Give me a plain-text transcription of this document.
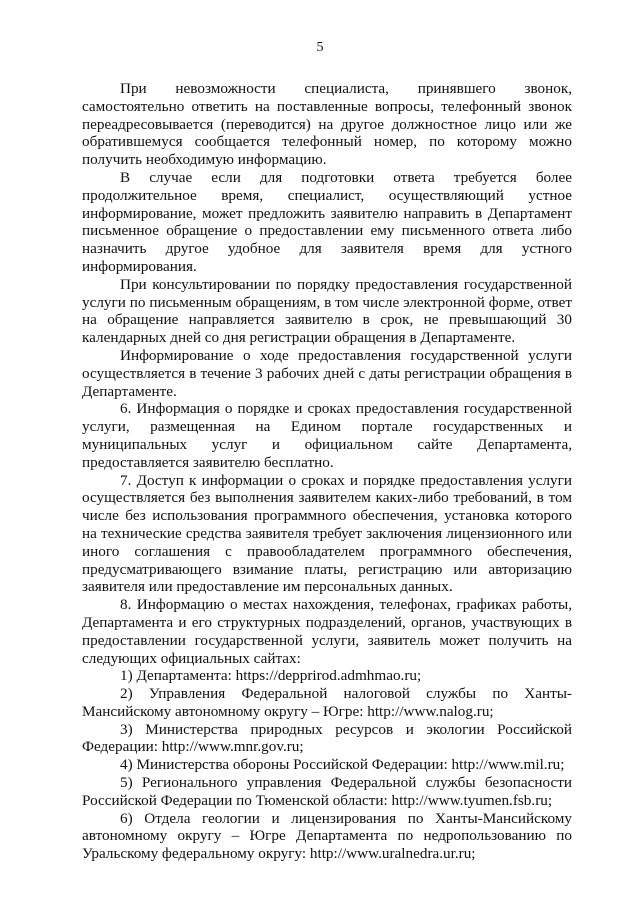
5

При невозможности специалиста, принявшего звонок, самостоятельно ответить на поставленные вопросы, телефонный звонок переадресовывается (переводится) на другое должностное лицо или же обратившемуся сообщается телефонный номер, по которому можно получить необходимую информацию.

В случае если для подготовки ответа требуется более продолжительное время, специалист, осуществляющий устное информирование, может предложить заявителю направить в Департамент письменное обращение о предоставлении ему письменного ответа либо назначить другое удобное для заявителя время для устного информирования.

При консультировании по порядку предоставления государственной услуги по письменным обращениям, в том числе электронной форме, ответ на обращение направляется заявителю в срок, не превышающий 30 календарных дней со дня регистрации обращения в Департаменте.

Информирование о ходе предоставления государственной услуги осуществляется в течение 3 рабочих дней с даты регистрации обращения в Департаменте.

6. Информация о порядке и сроках предоставления государственной услуги, размещенная на Едином портале государственных и муниципальных услуг и официальном сайте Департамента, предоставляется заявителю бесплатно.

7. Доступ к информации о сроках и порядке предоставления услуги осуществляется без выполнения заявителем каких-либо требований, в том числе без использования программного обеспечения, установка которого на технические средства заявителя требует заключения лицензионного или иного соглашения с правообладателем программного обеспечения, предусматривающего взимание платы, регистрацию или авторизацию заявителя или предоставление им персональных данных.

8. Информацию о местах нахождения, телефонах, графиках работы, Департамента и его структурных подразделений, органов, участвующих в предоставлении государственной услуги, заявитель может получить на следующих официальных сайтах:

1) Департамента: https://depprirod.admhmao.ru;

2) Управления Федеральной налоговой службы по Ханты-Мансийскому автономному округу – Югре: http://www.nalog.ru;

3) Министерства природных ресурсов и экологии Российской Федерации: http://www.mnr.gov.ru;

4) Министерства обороны Российской Федерации: http://www.mil.ru;

5) Регионального управления Федеральной службы безопасности Российской Федерации по Тюменской области: http://www.tyumen.fsb.ru;

6) Отдела геологии и лицензирования по Ханты-Мансийскому автономному округу – Югре Департамента по недропользованию по Уральскому федеральному округу: http://www.uralnedra.ur.ru;
